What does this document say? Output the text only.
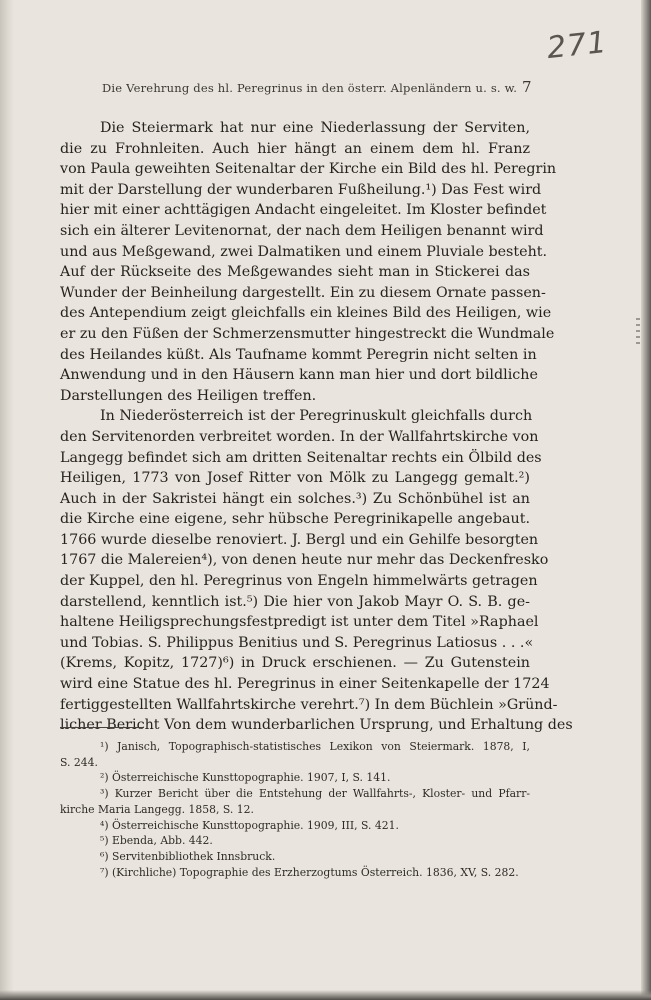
271
Die Verehrung des hl. Peregrinus in den österr. Alpenländern u. s. w. 7
Die Steiermark hat nur eine Niederlassung der Serviten,
die zu Frohnleiten. Auch hier hängt an einem dem hl. Franz
von Paula geweihten Seitenaltar der Kirche ein Bild des hl. Peregrin
mit der Darstellung der wunderbaren Fußheilung.¹) Das Fest wird
hier mit einer achttägigen Andacht eingeleitet. Im Kloster befindet
sich ein älterer Levitenornat, der nach dem Heiligen benannt wird
und aus Meßgewand, zwei Dalmatiken und einem Pluviale besteht.
Auf der Rückseite des Meßgewandes sieht man in Stickerei das
Wunder der Beinheilung dargestellt. Ein zu diesem Ornate passen-
des Antependium zeigt gleichfalls ein kleines Bild des Heiligen, wie
er zu den Füßen der Schmerzensmutter hingestreckt die Wundmale
des Heilandes küßt. Als Taufname kommt Peregrin nicht selten in
Anwendung und in den Häusern kann man hier und dort bildliche
Darstellungen des Heiligen treffen.
In Niederösterreich ist der Peregrinuskult gleichfalls durch
den Servitenorden verbreitet worden. In der Wallfahrtskirche von
Langegg befindet sich am dritten Seitenaltar rechts ein Ölbild des
Heiligen, 1773 von Josef Ritter von Mölk zu Langegg gemalt.²)
Auch in der Sakristei hängt ein solches.³) Zu Schönbühel ist an
die Kirche eine eigene, sehr hübsche Peregrinikapelle angebaut.
1766 wurde dieselbe renoviert. J. Bergl und ein Gehilfe besorgten
1767 die Malereien⁴), von denen heute nur mehr das Deckenfresko
der Kuppel, den hl. Peregrinus von Engeln himmelwärts getragen
darstellend, kenntlich ist.⁵) Die hier von Jakob Mayr O. S. B. ge-
haltene Heiligsprechungsfestpredigt ist unter dem Titel »Raphael
und Tobias. S. Philippus Benitius und S. Peregrinus Latiosus . . .«
(Krems, Kopitz, 1727)⁶) in Druck erschienen. — Zu Gutenstein
wird eine Statue des hl. Peregrinus in einer Seitenkapelle der 1724
fertiggestellten Wallfahrtskirche verehrt.⁷) In dem Büchlein »Gründ-
licher Bericht Von dem wunderbarlichen Ursprung, und Erhaltung des
¹) Janisch, Topographisch-statistisches Lexikon von Steiermark. 1878, I,
S. 244.
²) Österreichische Kunsttopographie. 1907, I, S. 141.
³) Kurzer Bericht über die Entstehung der Wallfahrts-, Kloster- und Pfarr-
kirche Maria Langegg. 1858, S. 12.
⁴) Österreichische Kunsttopographie. 1909, III, S. 421.
⁵) Ebenda, Abb. 442.
⁶) Servitenbibliothek Innsbruck.
⁷) (Kirchliche) Topographie des Erzherzogtums Österreich. 1836, XV, S. 282.
